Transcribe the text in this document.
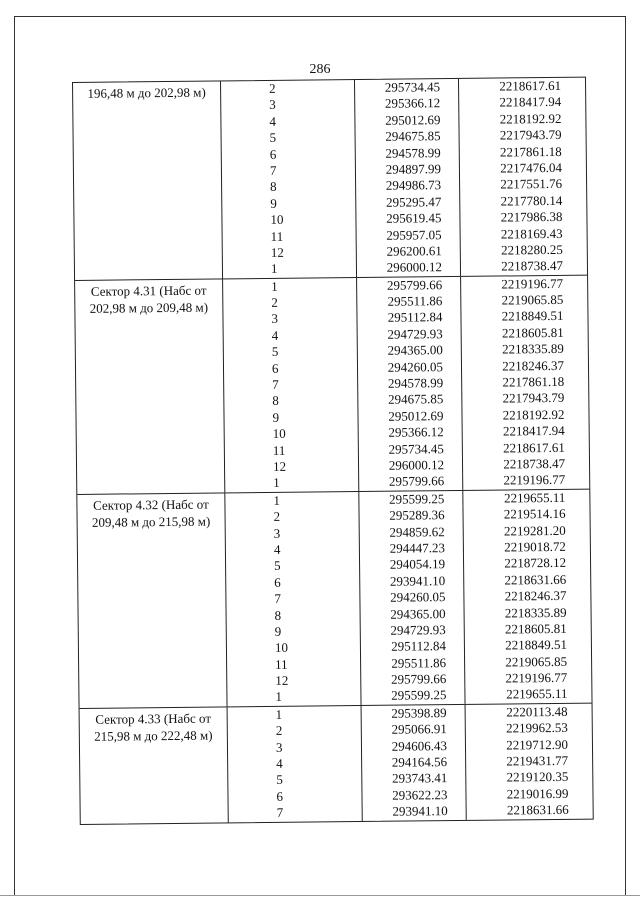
286
196,48 м до 202,98 м)	2	295734.45	2218617.61
3	295366.12	2218417.94
4	295012.69	2218192.92
5	294675.85	2217943.79
6	294578.99	2217861.18
7	294897.99	2217476.04
8	294986.73	2217551.76
9	295295.47	2217780.14
10	295619.45	2217986.38
11	295957.05	2218169.43
12	296200.61	2218280.25
1	296000.12	2218738.47
Сектор 4.31 (Набс от 202,98 м до 209,48 м)
1	295799.66	2219196.77
2	295511.86	2219065.85
3	295112.84	2218849.51
4	294729.93	2218605.81
5	294365.00	2218335.89
6	294260.05	2218246.37
7	294578.99	2217861.18
8	294675.85	2217943.79
9	295012.69	2218192.92
10	295366.12	2218417.94
11	295734.45	2218617.61
12	296000.12	2218738.47
1	295799.66	2219196.77
Сектор 4.32 (Набс от 209,48 м до 215,98 м)
1	295599.25	2219655.11
2	295289.36	2219514.16
3	294859.62	2219281.20
4	294447.23	2219018.72
5	294054.19	2218728.12
6	293941.10	2218631.66
7	294260.05	2218246.37
8	294365.00	2218335.89
9	294729.93	2218605.81
10	295112.84	2218849.51
11	295511.86	2219065.85
12	295799.66	2219196.77
1	295599.25	2219655.11
Сектор 4.33 (Набс от 215,98 м до 222,48 м)
1	295398.89	2220113.48
2	295066.91	2219962.53
3	294606.43	2219712.90
4	294164.56	2219431.77
5	293743.41	2219120.35
6	293622.23	2219016.99
7	293941.10	2218631.66
